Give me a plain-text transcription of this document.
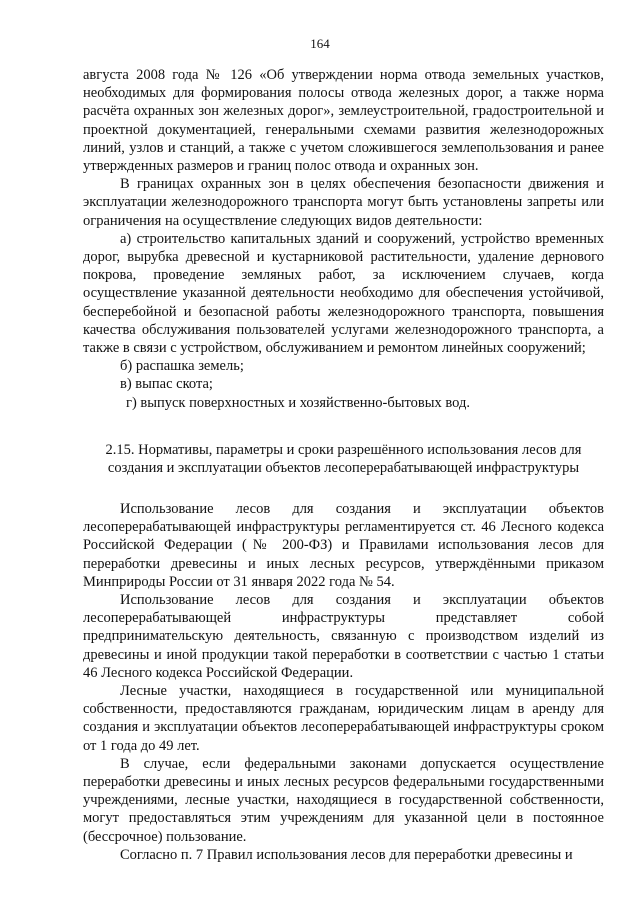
164

августа 2008 года № 126 «Об утверждении норма отвода земельных участков, необходимых для формирования полосы отвода железных дорог, а также норма расчёта охранных зон железных дорог», землеустроительной, градостроительной и проектной документацией, генеральными схемами развития железнодорожных линий, узлов и станций, а также с учетом сложившегося землепользования и ранее утвержденных размеров и границ полос отвода и охранных зон.

В границах охранных зон в целях обеспечения безопасности движения и эксплуатации железнодорожного транспорта могут быть установлены запреты или ограничения на осуществление следующих видов деятельности:

а) строительство капитальных зданий и сооружений, устройство временных дорог, вырубка древесной и кустарниковой растительности, удаление дернового покрова, проведение земляных работ, за исключением случаев, когда осуществление указанной деятельности необходимо для обеспечения устойчивой, бесперебойной и безопасной работы железнодорожного транспорта, повышения качества обслуживания пользователей услугами железнодорожного транспорта, а также в связи с устройством, обслуживанием и ремонтом линейных сооружений;

б) распашка земель;

в) выпас скота;

г) выпуск поверхностных и хозяйственно-бытовых вод.

2.15. Нормативы, параметры и сроки разрешённого использования лесов для создания и эксплуатации объектов лесоперерабатывающей инфраструктуры

Использование лесов для создания и эксплуатации объектов лесоперерабатывающей инфраструктуры регламентируется ст. 46 Лесного кодекса Российской Федерации (№ 200-ФЗ) и Правилами использования лесов для переработки древесины и иных лесных ресурсов, утверждёнными приказом Минприроды России от 31 января 2022 года № 54.

Использование лесов для создания и эксплуатации объектов лесоперерабатывающей инфраструктуры представляет собой предпринимательскую деятельность, связанную с производством изделий из древесины и иной продукции такой переработки в соответствии с частью 1 статьи 46 Лесного кодекса Российской Федерации.

Лесные участки, находящиеся в государственной или муниципальной собственности, предоставляются гражданам, юридическим лицам в аренду для создания и эксплуатации объектов лесоперерабатывающей инфраструктуры сроком от 1 года до 49 лет.

В случае, если федеральными законами допускается осуществление переработки древесины и иных лесных ресурсов федеральными государственными учреждениями, лесные участки, находящиеся в государственной собственности, могут предоставляться этим учреждениям для указанной цели в постоянное (бессрочное) пользование.

Согласно п. 7 Правил использования лесов для переработки древесины и
